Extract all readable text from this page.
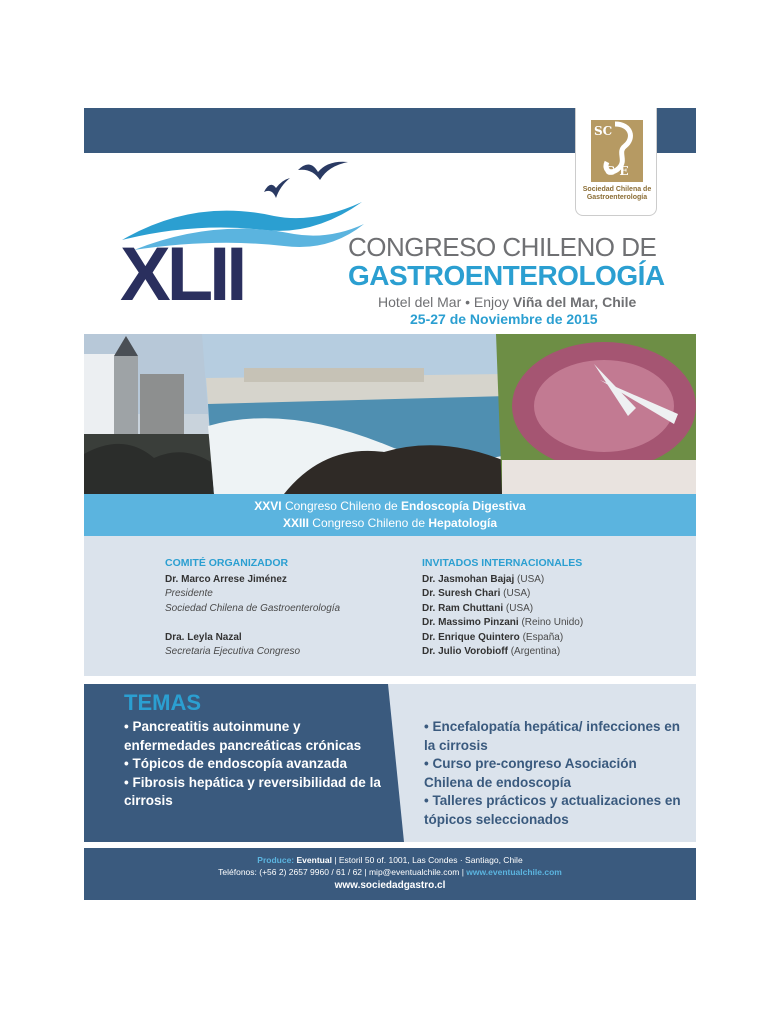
SC
G·E
Sociedad Chilena de
Gastroenterología
XLII	CONGRESO CHILENO DE
GASTROENTEROLOGÍA
Hotel del Mar • Enjoy Viña del Mar, Chile
25-27 de Noviembre de 2015
XXVI Congreso Chileno de Endoscopía Digestiva
XXIII Congreso Chileno de Hepatología
COMITÉ ORGANIZADOR
Dr. Marco Arrese Jiménez
Presidente
Sociedad Chilena de Gastroenterología
Dra. Leyla Nazal
Secretaria Ejecutiva Congreso
INVITADOS INTERNACIONALES
Dr. Jasmohan Bajaj (USA)
Dr. Suresh Chari (USA)
Dr. Ram Chuttani (USA)
Dr. Massimo Pinzani (Reino Unido)
Dr. Enrique Quintero (España)
Dr. Julio Vorobioff (Argentina)
TEMAS
• Pancreatitis autoinmune y enfermedades pancreáticas crónicas
• Tópicos de endoscopía avanzada
• Fibrosis hepática y reversibilidad de la cirrosis
• Encefalopatía hepática/ infecciones en la cirrosis
• Curso pre-congreso Asociación Chilena de endoscopía
• Talleres prácticos y actualizaciones en tópicos seleccionados
Produce: Eventual | Estoril 50 of. 1001, Las Condes · Santiago, Chile
Teléfonos: (+56 2) 2657 9960 / 61 / 62 | mip@eventualchile.com | www.eventualchile.com
www.sociedadgastro.cl
